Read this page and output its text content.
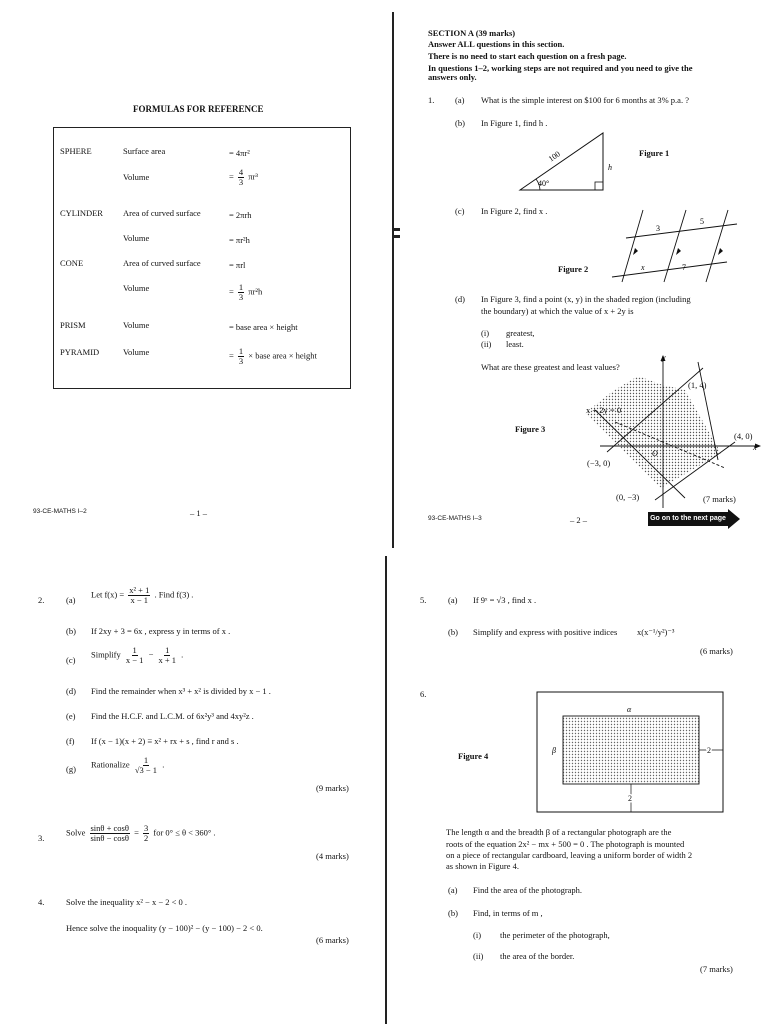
FORMULAS FOR REFERENCE
SPHERE	Surface area	= 4πr²
Volume	= $\frac{4}{3} \pi r^3$
CYLINDER Area of curved surface	= 2πrh
Volume	= πr²h
CONE	Area of curved surface	= πrl
Volume	= $\frac{1}{3} \pi r^2h$
PRISM	Volume	= base area × height
PYRAMID	Volume	= $\frac{1}{3}$ × base area × height
93-CE-MATHS I–2	– 1 –
SECTION A (39 marks)
Answer ALL questions in this section.
There is no need to start each question on a fresh page.
In questions 1–2, working steps are not required and you need to give the
answers only.
1. (a) What is the simple interest on $100 for 6 months at 3% p.a. ?
(b) In Figure 1, find h .
100
40°
h
Figure 1
(c) In Figure 2, find x .
3
5
x	7
Figure 2
(d) In Figure 3, find a point (x, y) in the shaded region (including
the boundary) at which the value of x + 2y is
(i) greatest,
(ii) least.
What are these greatest and least values?
y
x
O
(1, 4)
(4, 0)
(−3, 0)
(0, −3)
x + 2y = 0
Figure 3
(7 marks)
93-CE-MATHS I–3	– 2 –	Go on to the next page
2.	(a)
Let $f(x) = \frac{\text{x² + 1}}{x - 1}$ . Find f(3) .
(b) If 2xy + 3 = 6x , express y in terms of x .
(c)
Simplify $\frac{1}{x - 1} - \frac{1}{x + 1}$ .
(d) Find the remainder when x³ + x² is divided by x − 1 .
(e) Find the H.C.F. and L.C.M. of 6x²y³ and 4xy²z .
(f) If (x − 1)(x + 2) ≡ x² + rx + s , find r and s .
(g) Rationalize $\frac{1}{√3 - 1}$ .
(9 marks)
3.
Solve $\frac{\sin\theta + \cos\theta}{\sin\theta - \cos\theta} = \frac{3}{2}$ for 0° ≤ θ < 360° .
(4 marks)
4.	Solve the inequality x² − x − 2 < 0 .
Hence solve the inoquality (y − 100)² − (y − 100) − 2 < 0.
(6 marks)
5.	(a) If 9ˣ = √3 , find x .
(b) Simplify and express with positive indices x(x⁻¹/y²)⁻³
(6 marks)
6.
α
β	2
2
Figure 4
The length α and the breadth β of a rectangular photograph are the
roots of the equation 2x² − mx + 500 = 0 . The photograph is mounted
on a piece of rectangular cardboard, leaving a uniform border of width 2
as shown in Figure 4.
(a) Find the area of the photograph.
(b) Find, in terms of m ,
(i) the perimeter of the photograph,
(ii) the area of the border.
(7 marks)
